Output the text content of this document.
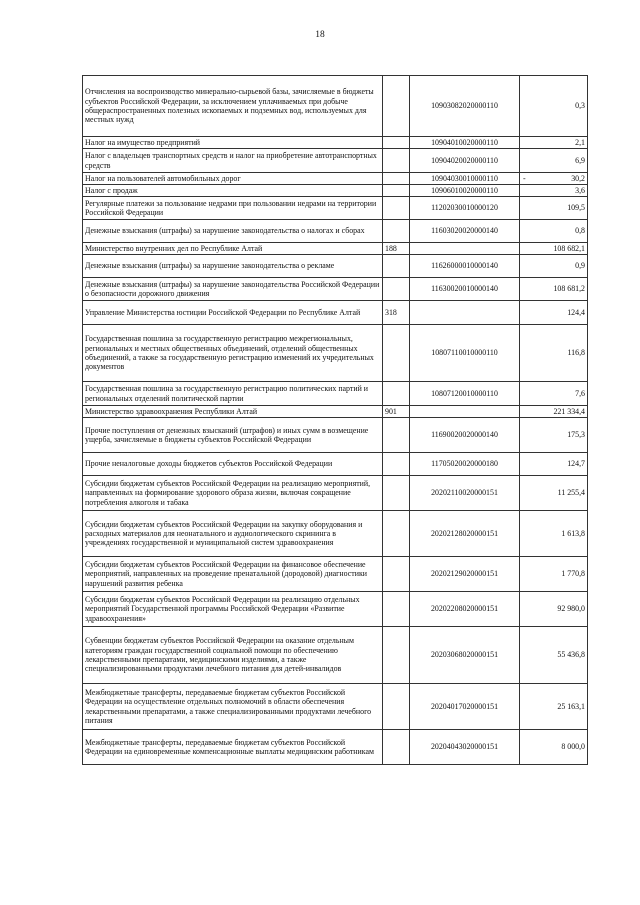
18
Отчисления на воспроизводство минерально-сырьевой базы, зачисляемые в бюджеты субъектов Российской Федерации, за исключением уплачиваемых при добыче общераспространенных полезных ископаемых и подземных вод, используемых для местных нужд		10903082020000110	0,3
Налог на имущество предприятий		10904010020000110	2,1
Налог с владельцев транспортных средств и налог на приобретение автотранспортных средств		10904020020000110	6,9
Налог на пользователей автомобильных дорог		10904030010000110	- 30,2
Налог с продаж		10906010020000110	3,6
Регулярные платежи за пользование недрами при пользовании недрами на территории Российской Федерации		11202030010000120	109,5
Денежные взыскания (штрафы) за нарушение законодательства о налогах и сборах		11603020020000140	0,8
Министерство внутренних дел по Республике Алтай	188		108 682,1
Денежные взыскания (штрафы) за нарушение законодательства о рекламе		11626000010000140	0,9
Денежные взыскания (штрафы) за нарушение законодательства Российской Федерации о безопасности дорожного движения		11630020010000140	108 681,2
Управление Министерства юстиции Российской Федерации по Республике Алтай	318		124,4
Государственная пошлина за государственную регистрацию межрегиональных, региональных и местных общественных объединений, отделений общественных объединений, а также за государственную регистрацию изменений их учредительных документов		10807110010000110	116,8
Государственная пошлина за государственную регистрацию политических партий и региональных отделений политической партии		10807120010000110	7,6
Министерство здравоохранения Республики Алтай	901		221 334,4
Прочие поступления от денежных взысканий (штрафов) и иных сумм в возмещение ущерба, зачисляемые в бюджеты субъектов Российской Федерации		11690020020000140	175,3
Прочие неналоговые доходы бюджетов субъектов Российской Федерации		11705020020000180	124,7
Субсидии бюджетам субъектов Российской Федерации на реализацию мероприятий, направленных на формирование здорового образа жизни, включая сокращение потребления алкоголя и табака		20202110020000151	11 255,4
Субсидии бюджетам субъектов Российской Федерации на закупку оборудования и расходных материалов для неонатального и аудиологического скрининга в учреждениях государственной и муниципальной систем здравоохранения		20202128020000151	1 613,8
Субсидии бюджетам субъектов Российской Федерации на финансовое обеспечение мероприятий, направленных на проведение пренатальной (дородовой) диагностики нарушений развития ребенка		20202129020000151	1 770,8
Субсидии бюджетам субъектов Российской Федерации на реализацию отдельных мероприятий Государственной программы Российской Федерации «Развитие здравоохранения»		20202208020000151	92 980,0
Субвенции бюджетам субъектов Российской Федерации на оказание отдельным категориям граждан государственной социальной помощи по обеспечению лекарственными препаратами, медицинскими изделиями, а также специализированными продуктами лечебного питания для детей-инвалидов		20203068020000151	55 436,8
Межбюджетные трансферты, передаваемые бюджетам субъектов Российской Федерации на осуществление отдельных полномочий в области обеспечения лекарственными препаратами, а также специализированными продуктами лечебного питания		20204017020000151	25 163,1
Межбюджетные трансферты, передаваемые бюджетам субъектов Российской Федерации на единовременные компенсационные выплаты медицинским работникам		20204043020000151	8 000,0
